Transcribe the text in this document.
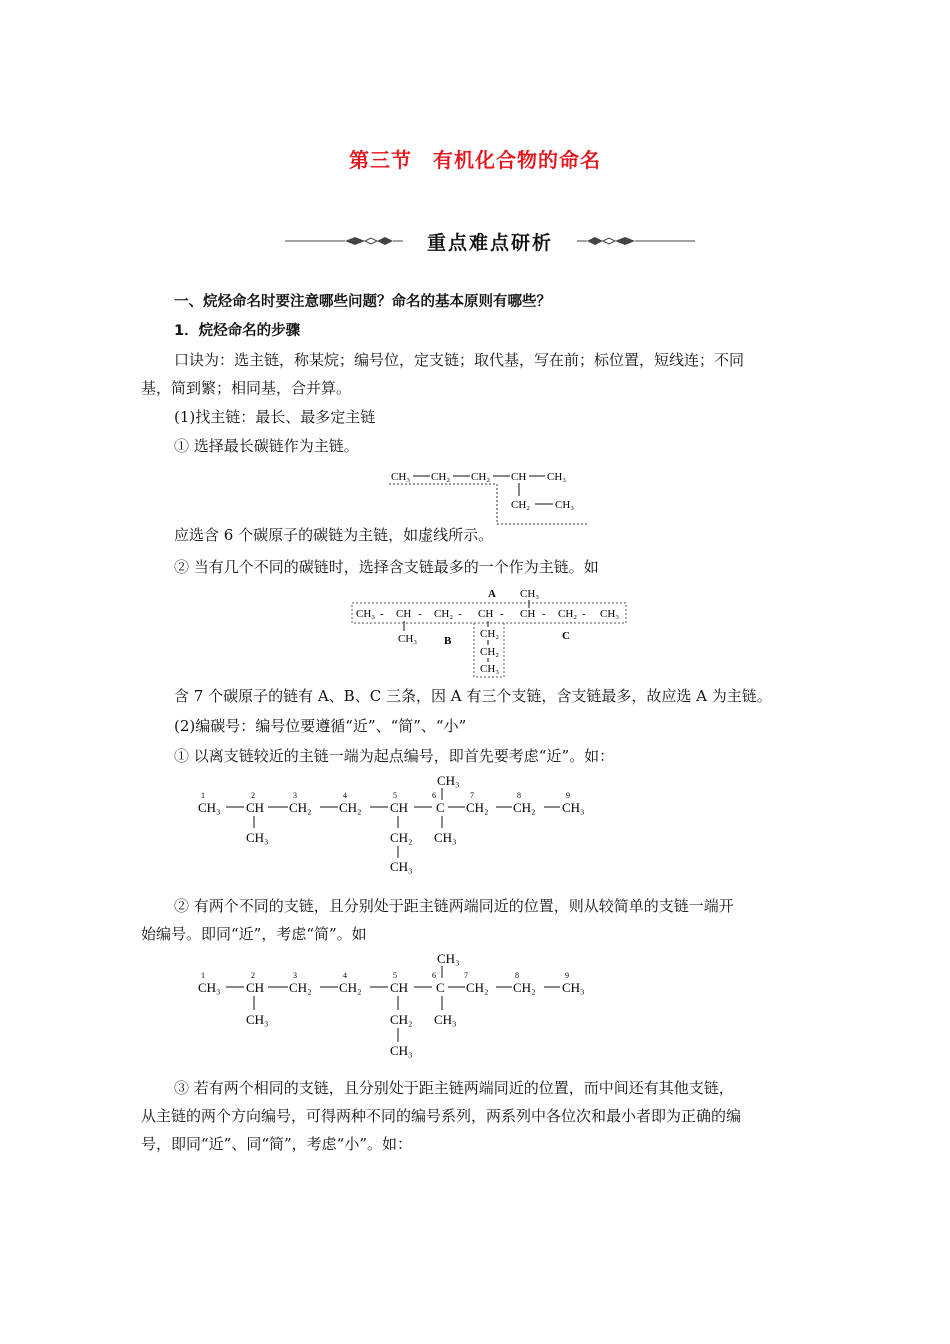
第三节　有机化合物的命名
重点难点研析
一、烷烃命名时要注意哪些问题？命名的基本原则有哪些？
1．烷烃命名的步骤
口诀为：选主链，称某烷；编号位，定支链；取代基，写在前；标位置，短线连；不同
基，简到繁；相同基，合并算。
(1)找主链：最长、最多定主链
① 选择最长碳链作为主链。
CH₃ CH₂ CH₂ CH CH₃
CH₂ CH₃
应选含 6 个碳原子的碳链为主链，如虚线所示。
② 当有几个不同的碳链时，选择含支链最多的一个作为主链。如
A
B	C
CH₃
CH₃ - CH - CH₂ - CH - CH - CH₂ - CH₃
CH₃	CH₂
CH₂
CH₃
含 7 个碳原子的链有 A、B、C 三条，因 A 有三个支链，含支链最多，故应选 A 为主链。
(2)编碳号：编号位要遵循“近”、“简”、“小”
① 以离支链较近的主链一端为起点编号，即首先要考虑“近”。如：
CH₃
1	2	3	4	5	6	7	8	9
CH₃ CH CH₂ CH₂ CH C CH₂ CH₂ CH₃
CH₃	CH₂
CH₃
CH₃
② 有两个不同的支链，且分别处于距主链两端同近的位置，则从较简单的支链一端开
始编号。即同“近”，考虑“简”。如
CH₃
1	2	3	4	5	6	7	8	9
CH₃ CH CH₂ CH₂ CH C CH₂ CH₂ CH₃
CH₃	CH₂
CH₃
CH₃
③ 若有两个相同的支链，且分别处于距主链两端同近的位置，而中间还有其他支链，
从主链的两个方向编号，可得两种不同的编号系列，两系列中各位次和最小者即为正确的编
号，即同“近”、同“简”，考虑“小”。如：
